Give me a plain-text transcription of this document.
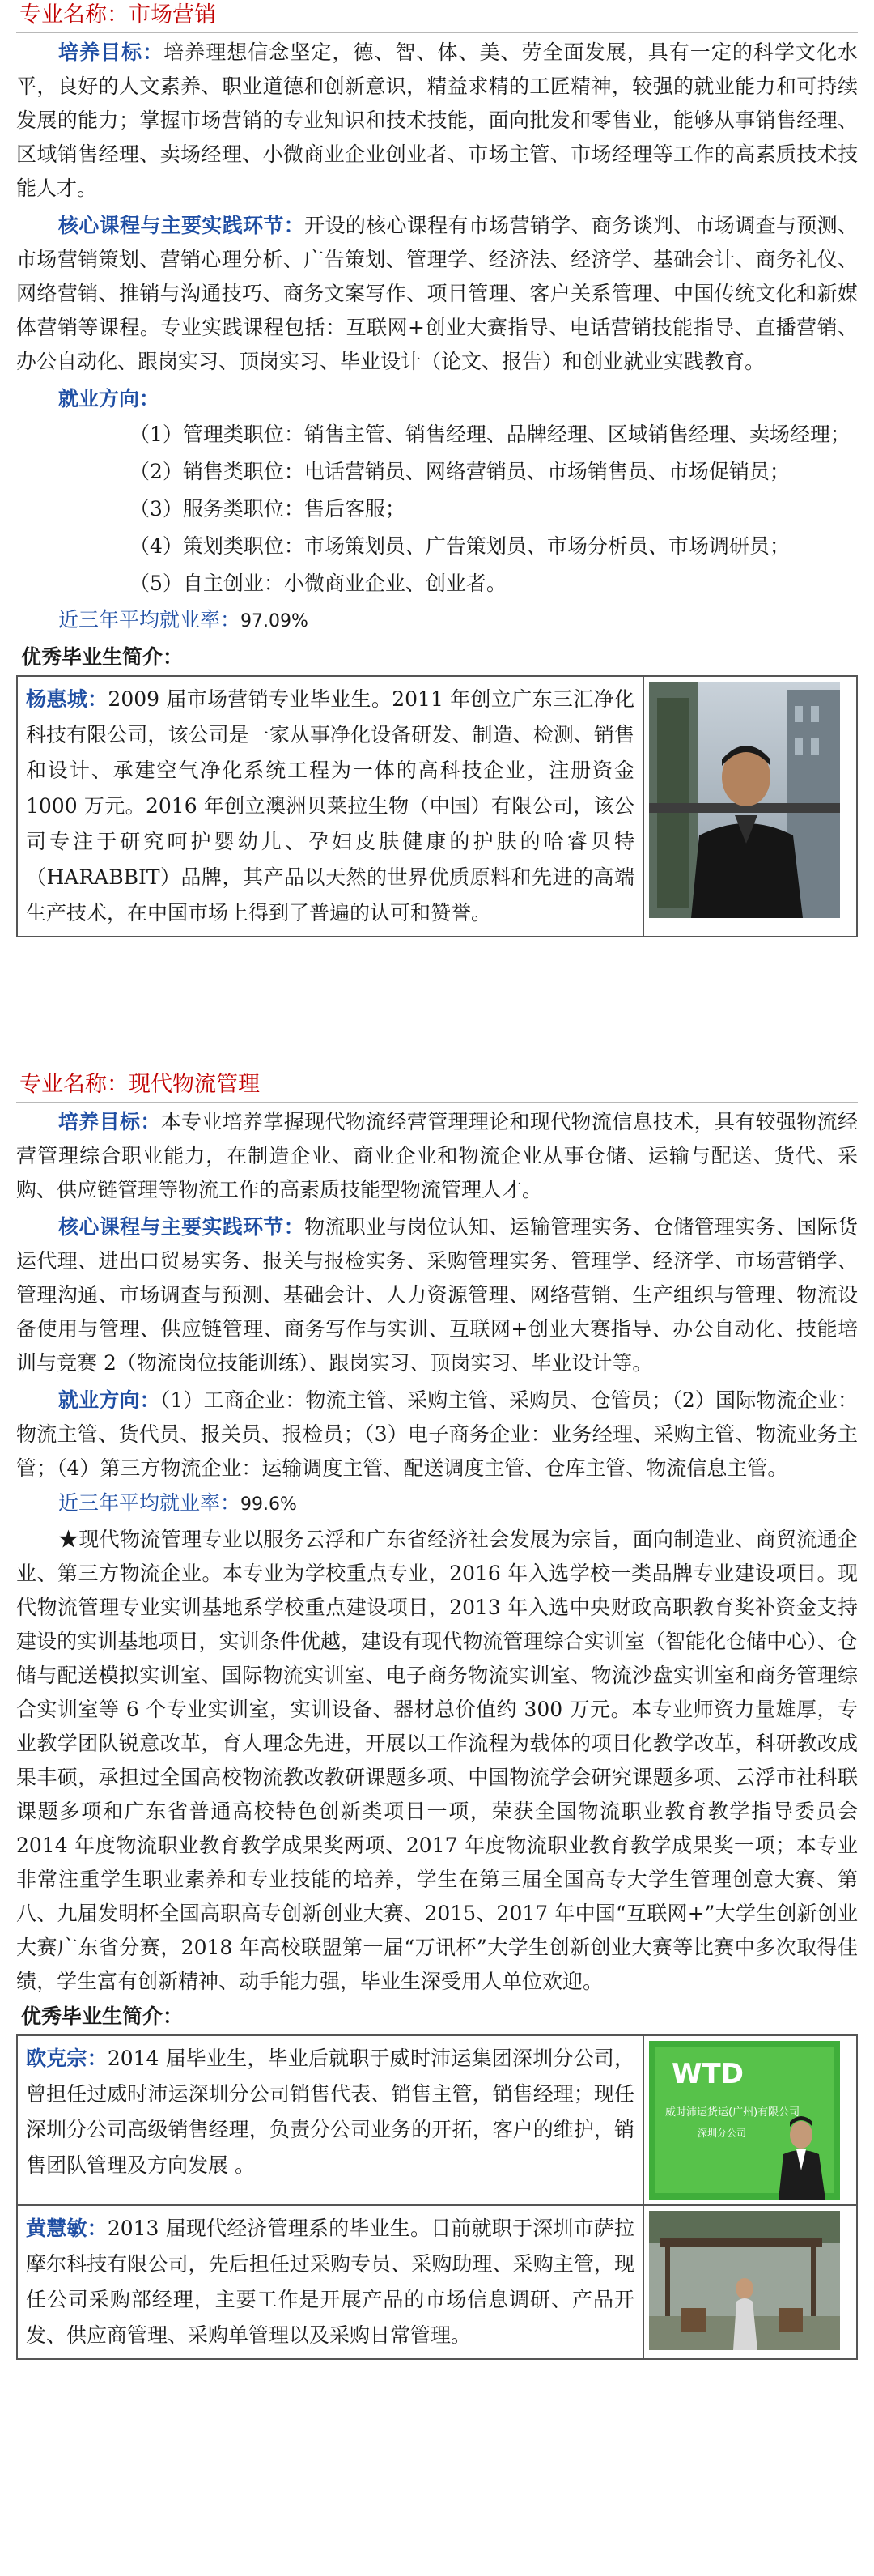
专业名称：市场营销

培养目标：培养理想信念坚定，德、智、体、美、劳全面发展，具有一定的科学文化水平，良好的人文素养、职业道德和创新意识，精益求精的工匠精神，较强的就业能力和可持续发展的能力；掌握市场营销的专业知识和技术技能，面向批发和零售业，能够从事销售经理、区域销售经理、卖场经理、小微商业企业创业者、市场主管、市场经理等工作的高素质技术技能人才。

核心课程与主要实践环节：开设的核心课程有市场营销学、商务谈判、市场调查与预测、市场营销策划、营销心理分析、广告策划、管理学、经济法、经济学、基础会计、商务礼仪、网络营销、推销与沟通技巧、商务文案写作、项目管理、客户关系管理、中国传统文化和新媒体营销等课程。专业实践课程包括：互联网+创业大赛指导、电话营销技能指导、直播营销、办公自动化、跟岗实习、顶岗实习、毕业设计（论文、报告）和创业就业实践教育。

就业方向：
（1）管理类职位：销售主管、销售经理、品牌经理、区域销售经理、卖场经理；
（2）销售类职位：电话营销员、网络营销员、市场销售员、市场促销员；
（3）服务类职位：售后客服；
（4）策划类职位：市场策划员、广告策划员、市场分析员、市场调研员；
（5）自主创业：小微商业企业、创业者。
近三年平均就业率：97.09%
优秀毕业生简介：
杨惠城：2009 届市场营销专业毕业生。2011 年创立广东三汇净化科技有限公司，该公司是一家从事净化设备研发、制造、检测、销售和设计、承建空气净化系统工程为一体的高科技企业，注册资金 1000 万元。2016 年创立澳洲贝莱拉生物（中国）有限公司，该公司专注于研究呵护婴幼儿、孕妇皮肤健康的护肤的哈睿贝特（HARABBIT）品牌，其产品以天然的世界优质原料和先进的高端生产技术，在中国市场上得到了普遍的认可和赞誉。	
专业名称：现代物流管理

培养目标：本专业培养掌握现代物流经营管理理论和现代物流信息技术，具有较强物流经营管理综合职业能力，在制造企业、商业企业和物流企业从事仓储、运输与配送、货代、采购、供应链管理等物流工作的高素质技能型物流管理人才。

核心课程与主要实践环节：物流职业与岗位认知、运输管理实务、仓储管理实务、国际货运代理、进出口贸易实务、报关与报检实务、采购管理实务、管理学、经济学、市场营销学、管理沟通、市场调查与预测、基础会计、人力资源管理、网络营销、生产组织与管理、物流设备使用与管理、供应链管理、商务写作与实训、互联网+创业大赛指导、办公自动化、技能培训与竞赛 2（物流岗位技能训练）、跟岗实习、顶岗实习、毕业设计等。

就业方向：（1）工商企业：物流主管、采购主管、采购员、仓管员；（2）国际物流企业：物流主管、货代员、报关员、报检员；（3）电子商务企业：业务经理、采购主管、物流业务主管；（4）第三方物流企业：运输调度主管、配送调度主管、仓库主管、物流信息主管。

近三年平均就业率：99.6%

★现代物流管理专业以服务云浮和广东省经济社会发展为宗旨，面向制造业、商贸流通企业、第三方物流企业。本专业为学校重点专业，2016 年入选学校一类品牌专业建设项目。现代物流管理专业实训基地系学校重点建设项目，2013 年入选中央财政高职教育奖补资金支持建设的实训基地项目，实训条件优越，建设有现代物流管理综合实训室（智能化仓储中心）、仓储与配送模拟实训室、国际物流实训室、电子商务物流实训室、物流沙盘实训室和商务管理综合实训室等 6 个专业实训室，实训设备、器材总价值约 300 万元。本专业师资力量雄厚，专业教学团队锐意改革，育人理念先进，开展以工作流程为载体的项目化教学改革，科研教改成果丰硕，承担过全国高校物流教改教研课题多项、中国物流学会研究课题多项、云浮市社科联课题多项和广东省普通高校特色创新类项目一项，荣获全国物流职业教育教学指导委员会 2014 年度物流职业教育教学成果奖两项、2017 年度物流职业教育教学成果奖一项；本专业非常注重学生职业素养和专业技能的培养，学生在第三届全国高专大学生管理创意大赛、第八、九届发明杯全国高职高专创新创业大赛、2015、2017 年中国“互联网+”大学生创新创业大赛广东省分赛，2018 年高校联盟第一届“万讯杯”大学生创新创业大赛等比赛中多次取得佳绩，学生富有创新精神、动手能力强，毕业生深受用人单位欢迎。

优秀毕业生简介：
欧克宗：2014 届毕业生，毕业后就职于威时沛运集团深圳分公司，曾担任过威时沛运深圳分公司销售代表、销售主管，销售经理；现任深圳分公司高级销售经理，负责分公司业务的开拓，客户的维护，销售团队管理及方向发展 。	WTD
威时沛运货运(广州)有限公司
深圳分公司

黄慧敏：2013 届现代经济管理系的毕业生。目前就职于深圳市萨拉摩尔科技有限公司，先后担任过采购专员、采购助理、采购主管，现任公司采购部经理，主要工作是开展产品的市场信息调研、产品开发、供应商管理、采购单管理以及采购日常管理。	
